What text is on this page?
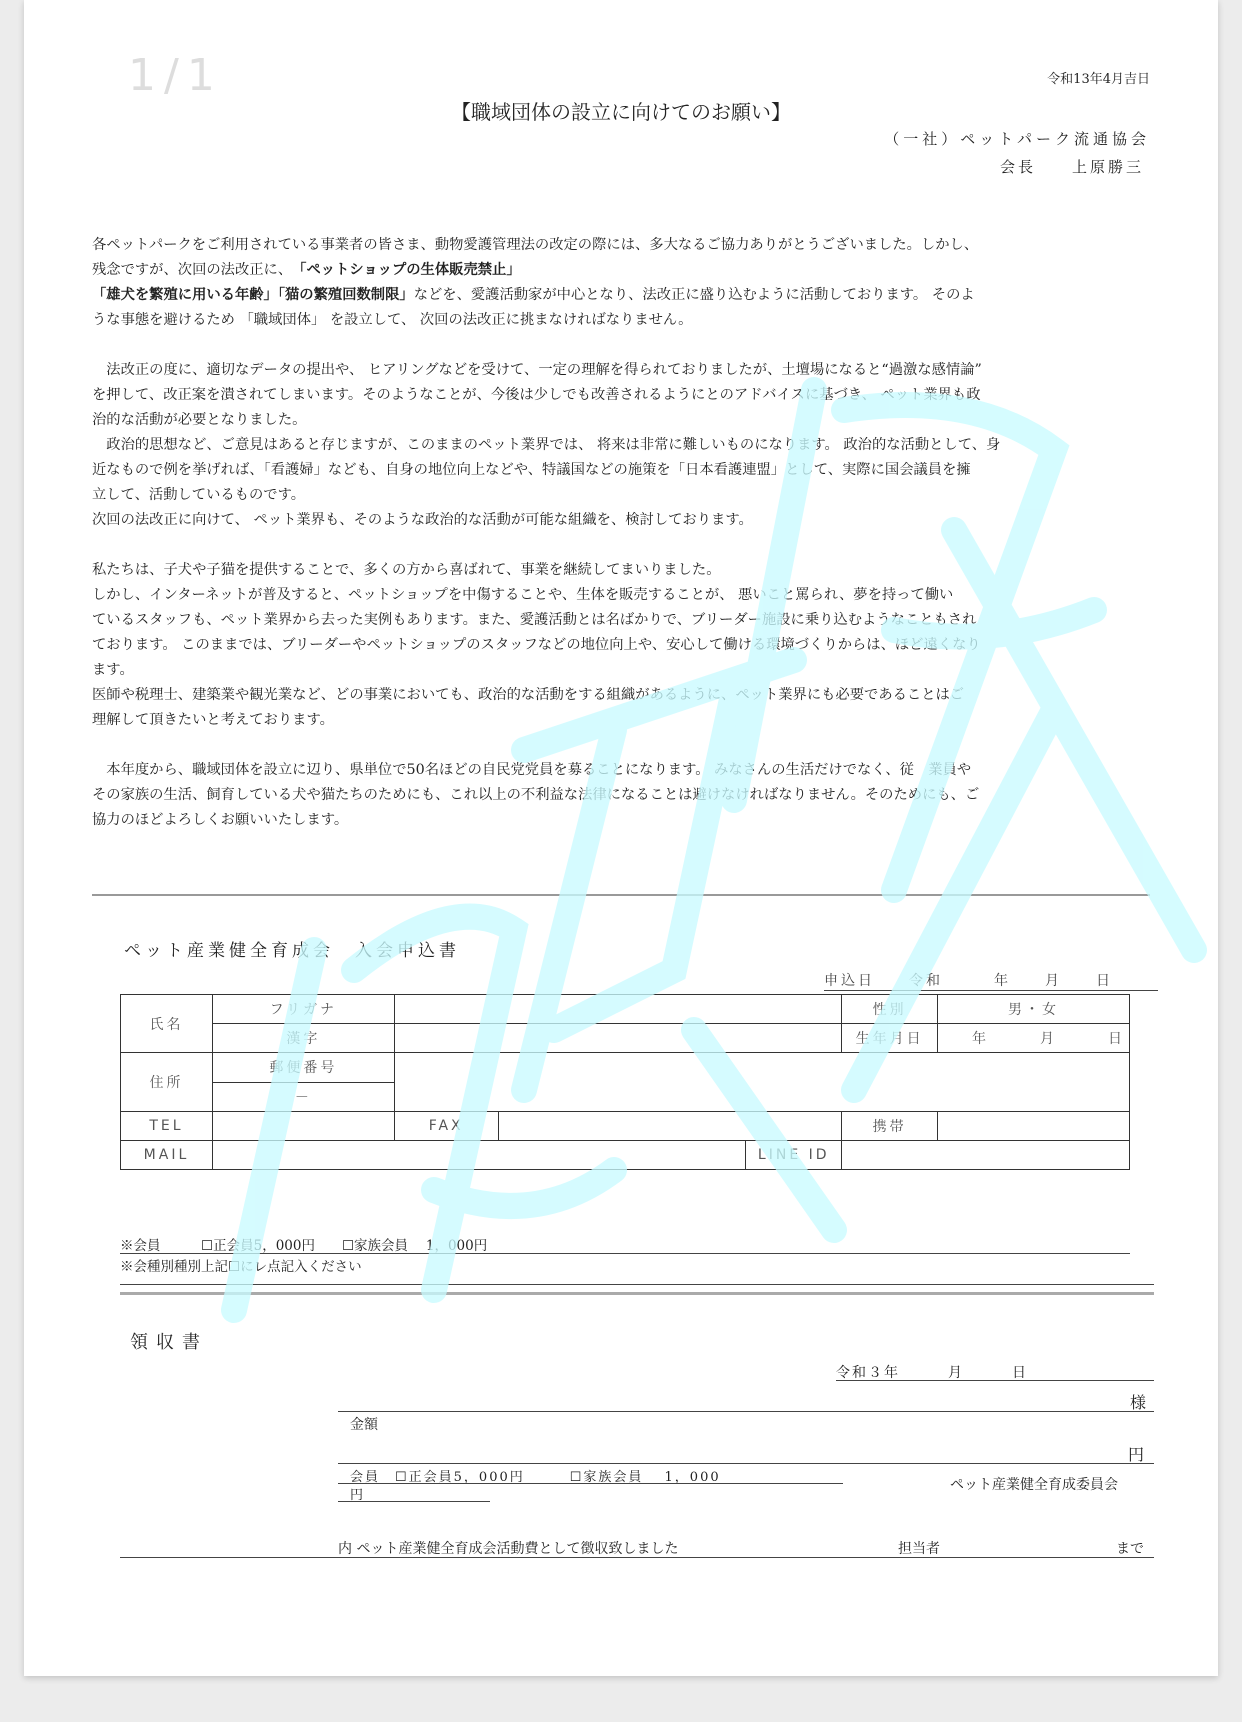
1/1	令和13年4月吉日
【職域団体の設立に向けてのお願い】
（一社）ペットパーク流通協会
会長　　上原勝三

各ペットパークをご利用されている事業者の皆さま、動物愛護管理法の改定の際には、多大なるご協力ありがとうございました。しかし、

残念ですが、次回の法改正に、　「ペットショップの生体販売禁止」

「雄犬を繁殖に用いる年齢」「猫の繁殖回数制限」などを、愛護活動家が中心となり、法改正に盛り込むように活動しております。 そのよ

うな事態を避けるため 「職域団体」 を設立して、 次回の法改正に挑まなければなりません。

　法改正の度に、適切なデータの提出や、 ヒアリングなどを受けて、一定の理解を得られておりましたが、土壇場になると“過激な感情論”

を押して、改正案を潰されてしまいます。そのようなことが、今後は少しでも改善されるようにとのアドバイスに基づき、 ペット業界も政

治的な活動が必要となりました。

　政治的思想など、ご意見はあると存じますが、このままのペット業界では、 将来は非常に難しいものになります。 政治的な活動として、身

近なもので例を挙げれば、「看護婦」なども、自身の地位向上などや、特議国などの施策を「日本看護連盟」として、実際に国会議員を擁

立して、活動しているものです。

次回の法改正に向けて、 ペット業界も、そのような政治的な活動が可能な組織を、検討しております。

私たちは、子犬や子猫を提供することで、多くの方から喜ばれて、事業を継続してまいりました。

しかし、インターネットが普及すると、ペットショップを中傷することや、生体を販売することが、 悪いこと罵られ、夢を持って働い

ているスタッフも、ペット業界から去った実例もあります。また、愛護活動とは名ばかりで、ブリーダー施設に乗り込むようなこともされ

ております。 このままでは、ブリーダーやペットショップのスタッフなどの地位向上や、安心して働ける環境づくりからは、ほど遠くなり

ます。

医師や税理士、建築業や観光業など、どの事業においても、政治的な活動をする組織があるように、ペット業界にも必要であることはご

理解して頂きたいと考えております。

　本年度から、職域団体を設立に辺り、県単位で50名ほどの自民党党員を募ることになります。 みなさんの生活だけでなく、従　業員や

その家族の生活、飼育している犬や猫たちのためにも、これ以上の不利益な法律になることは避けなければなりません。そのためにも、ご

協力のほどよろしくお願いいたします。

ペット産業健全育成会　入会申込書
申込日　　令和　　　年　　月　　日
氏名	フリガナ				性別	男・女
	漢字				生年月日	年　　　月　　　日
住所	郵便番号					
	－					
TEL		FAX			携帯	
MAIL				LINE ID		
※会員　　　☐正会員5，000円　　☐家族会員　 1，000円
※会種別種別上記☐にレ点記入ください
領収書
令和３年　　　月　　　日
様
金額
円
会員　☐正会員5，000円　　　☐家族会員　 1，000
円
ペット産業健全育成委員会
内 ペット産業健全育成会活動費として徴収致しました	担当者	まで
